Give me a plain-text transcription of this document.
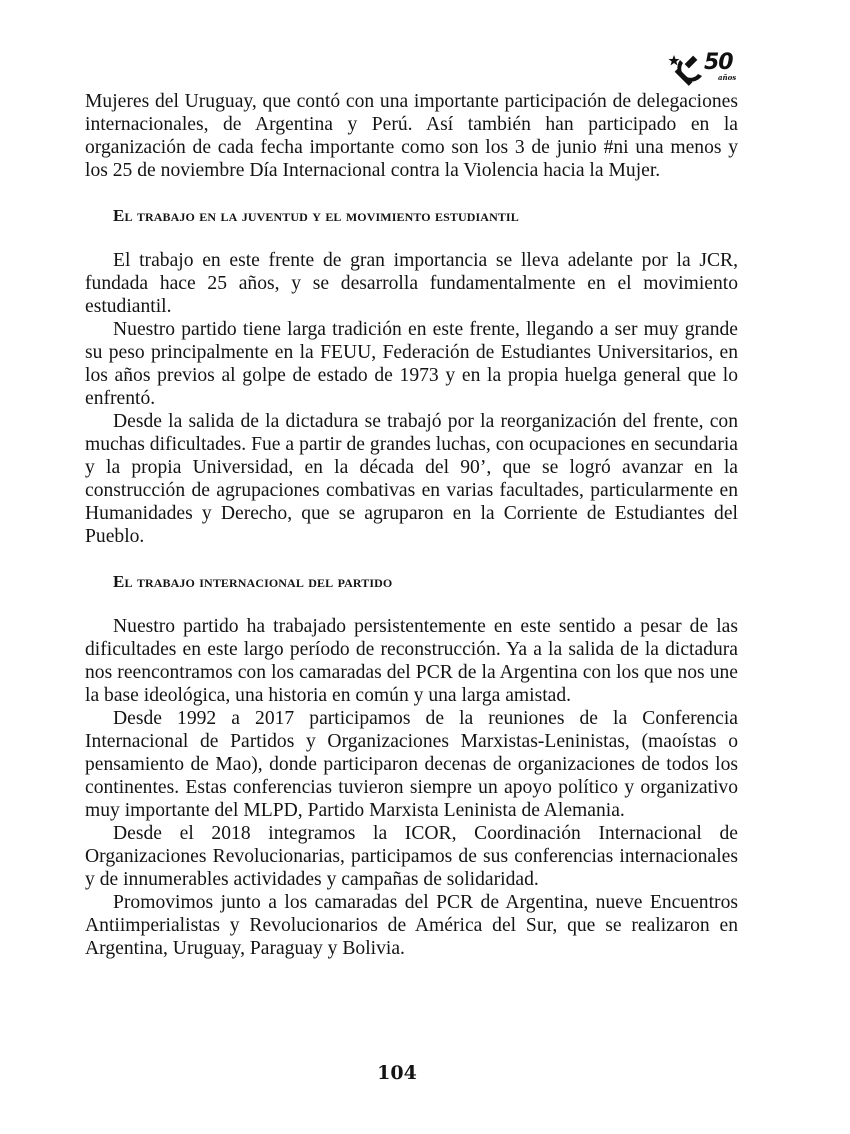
50
años

Mujeres del Uruguay, que contó con una importante participación de delegaciones internacionales, de Argentina y Perú. Así también han participado en la organización de cada fecha importante como son los 3 de junio #ni una menos y los 25 de noviembre Día Internacional contra la Violencia hacia la Mujer.

El trabajo en la juventud y el movimiento estudiantil

El trabajo en este frente de gran importancia se lleva adelante por la JCR, fundada hace 25 años, y se desarrolla fundamentalmente en el movimiento estudiantil.

Nuestro partido tiene larga tradición en este frente, llegando a ser muy grande su peso principalmente en la FEUU, Federación de Estudiantes Universitarios, en los años previos al golpe de estado de 1973 y en la propia huelga general que lo enfrentó.

Desde la salida de la dictadura se trabajó por la reorganización del frente, con muchas dificultades. Fue a partir de grandes luchas, con ocupaciones en secundaria y la propia Universidad, en la década del 90’, que se logró avanzar en la construcción de agrupaciones combativas en varias facultades, particularmente en Humanidades y Derecho, que se agruparon en la Corriente de Estudiantes del Pueblo.

El trabajo internacional del partido

Nuestro partido ha trabajado persistentemente en este sentido a pesar de las dificultades en este largo período de reconstrucción. Ya a la salida de la dictadura nos reencontramos con los camaradas del PCR de la Argentina con los que nos une la base ideológica, una historia en común y una larga amistad.

Desde 1992 a 2017 participamos de la reuniones de la Conferencia Internacional de Partidos y Organizaciones Marxistas-Leninistas, (maoístas o pensamiento de Mao), donde participaron decenas de organizaciones de todos los continentes. Estas conferencias tuvieron siempre un apoyo político y organizativo muy importante del MLPD, Partido Marxista Leninista de Alemania.

Desde el 2018 integramos la ICOR, Coordinación Internacional de Organizaciones Revolucionarias, participamos de sus conferencias internacionales y de innumerables actividades y campañas de solidaridad.

Promovimos junto a los camaradas del PCR de Argentina, nueve Encuentros Antiimperialistas y Revolucionarios de América del Sur, que se realizaron en Argentina, Uruguay, Paraguay y Bolivia.

104
